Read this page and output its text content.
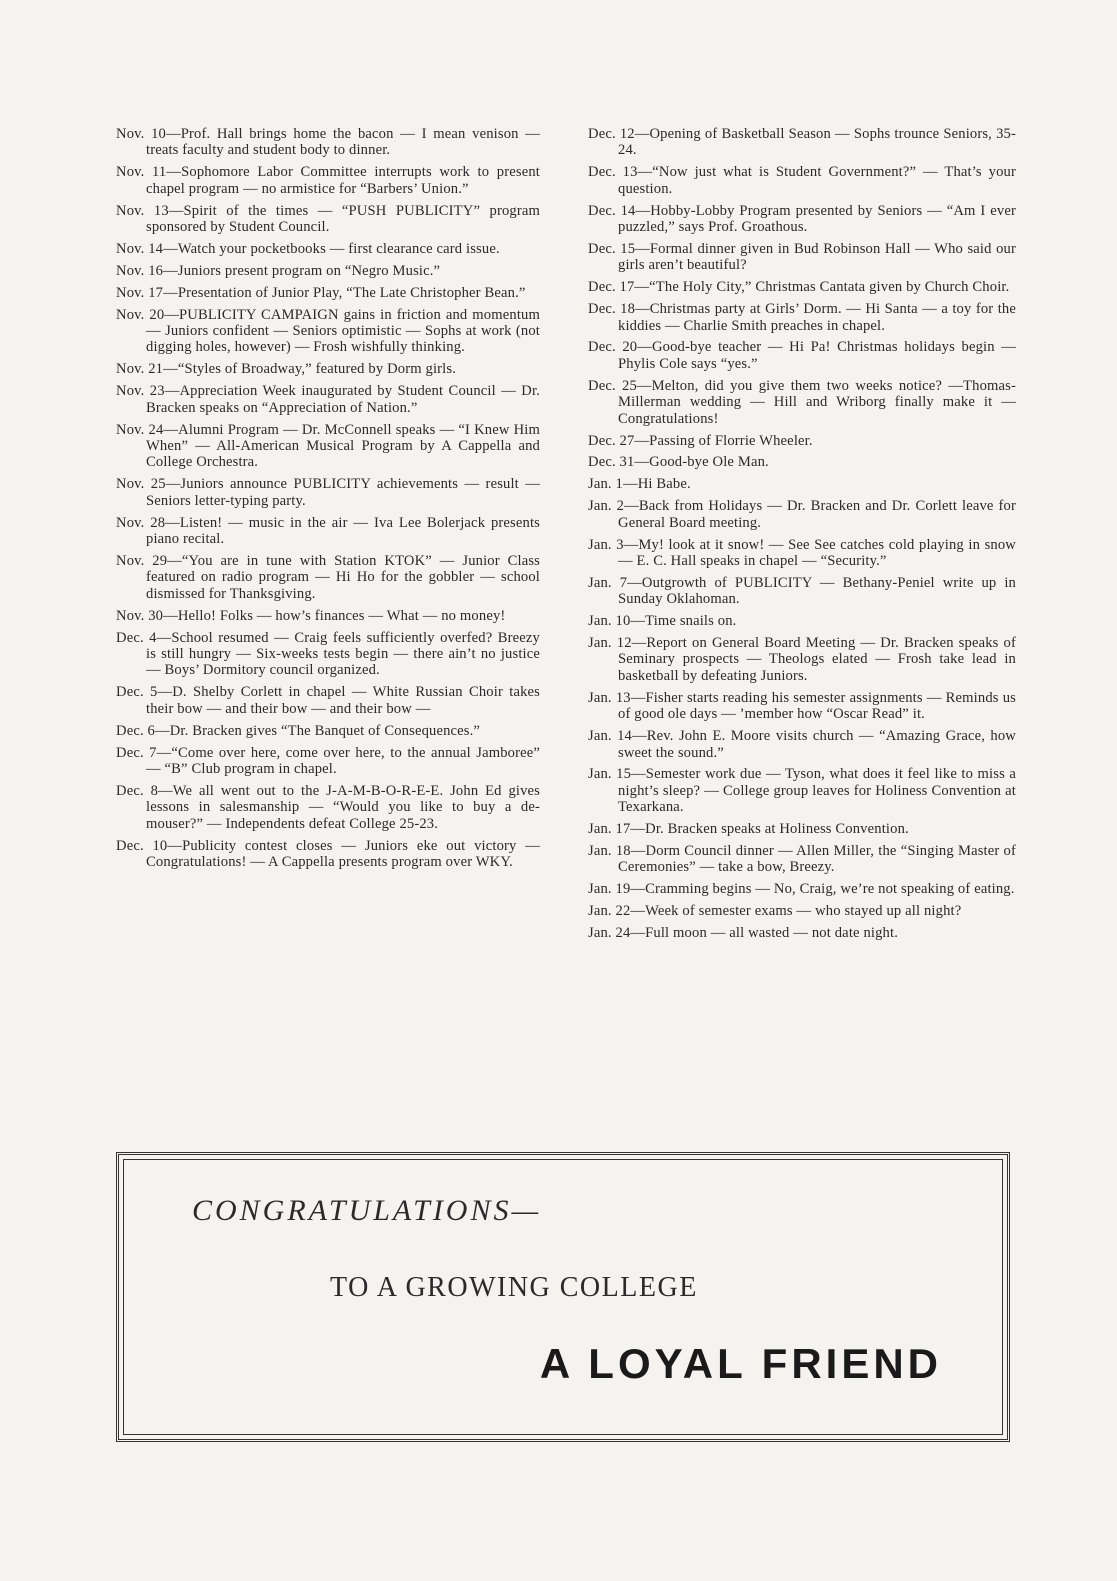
Nov. 10—Prof. Hall brings home the bacon — I mean venison — treats faculty and student body to dinner.

Nov. 11—Sophomore Labor Committee interrupts work to present chapel program — no armistice for “Barbers’ Union.”

Nov. 13—Spirit of the times — “PUSH PUBLICITY” program sponsored by Student Council.

Nov. 14—Watch your pocketbooks — first clearance card issue.

Nov. 16—Juniors present program on “Negro Music.”

Nov. 17—Presentation of Junior Play, “The Late Christopher Bean.”

Nov. 20—PUBLICITY CAMPAIGN gains in friction and momentum — Juniors confident — Seniors optimistic — Sophs at work (not digging holes, however) — Frosh wishfully thinking.

Nov. 21—“Styles of Broadway,” featured by Dorm girls.

Nov. 23—Appreciation Week inaugurated by Student Council — Dr. Bracken speaks on “Appreciation of Nation.”

Nov. 24—Alumni Program — Dr. McConnell speaks — “I Knew Him When” — All-American Musical Program by A Cappella and College Orchestra.

Nov. 25—Juniors announce PUBLICITY achievements — result — Seniors letter-typing party.

Nov. 28—Listen! — music in the air — Iva Lee Bolerjack presents piano recital.

Nov. 29—“You are in tune with Station KTOK” — Junior Class featured on radio program — Hi Ho for the gobbler — school dismissed for Thanksgiving.

Nov. 30—Hello! Folks — how’s finances — What — no money!

Dec. 4—School resumed — Craig feels sufficiently overfed? Breezy is still hungry — Six-weeks tests begin — there ain’t no justice — Boys’ Dormitory council organized.

Dec. 5—D. Shelby Corlett in chapel — White Russian Choir takes their bow — and their bow — and their bow —

Dec. 6—Dr. Bracken gives “The Banquet of Consequences.”

Dec. 7—“Come over here, come over here, to the annual Jamboree” — “B” Club program in chapel.

Dec. 8—We all went out to the J-A-M-B-O-R-E-E. John Ed gives lessons in salesmanship — “Would you like to buy a de-mouser?” — Independents defeat College 25-23.

Dec. 10—Publicity contest closes — Juniors eke out victory — Congratulations! — A Cappella presents program over WKY.

Dec. 12—Opening of Basketball Season — Sophs trounce Seniors, 35-24.

Dec. 13—“Now just what is Student Government?” — That’s your question.

Dec. 14—Hobby-Lobby Program presented by Seniors — “Am I ever puzzled,” says Prof. Groathous.

Dec. 15—Formal dinner given in Bud Robinson Hall — Who said our girls aren’t beautiful?

Dec. 17—“The Holy City,” Christmas Cantata given by Church Choir.

Dec. 18—Christmas party at Girls’ Dorm. — Hi Santa — a toy for the kiddies — Charlie Smith preaches in chapel.

Dec. 20—Good-bye teacher — Hi Pa! Christmas holidays begin — Phylis Cole says “yes.”

Dec. 25—Melton, did you give them two weeks notice? —Thomas-Millerman wedding — Hill and Wriborg finally make it — Congratulations!

Dec. 27—Passing of Florrie Wheeler.

Dec. 31—Good-bye Ole Man.

Jan. 1—Hi Babe.

Jan. 2—Back from Holidays — Dr. Bracken and Dr. Corlett leave for General Board meeting.

Jan. 3—My! look at it snow! — See See catches cold playing in snow — E. C. Hall speaks in chapel — “Security.”

Jan. 7—Outgrowth of PUBLICITY — Bethany-Peniel write up in Sunday Oklahoman.

Jan. 10—Time snails on.

Jan. 12—Report on General Board Meeting — Dr. Bracken speaks of Seminary prospects — Theologs elated — Frosh take lead in basketball by defeating Juniors.

Jan. 13—Fisher starts reading his semester assignments — Reminds us of good ole days — ’member how “Oscar Read” it.

Jan. 14—Rev. John E. Moore visits church — “Amazing Grace, how sweet the sound.”

Jan. 15—Semester work due — Tyson, what does it feel like to miss a night’s sleep? — College group leaves for Holiness Convention at Texarkana.

Jan. 17—Dr. Bracken speaks at Holiness Convention.

Jan. 18—Dorm Council dinner — Allen Miller, the “Singing Master of Ceremonies” — take a bow, Breezy.

Jan. 19—Cramming begins — No, Craig, we’re not speaking of eating.

Jan. 22—Week of semester exams — who stayed up all night?

Jan. 24—Full moon — all wasted — not date night.

CONGRATULATIONS—
TO A GROWING COLLEGE
A LOYAL FRIEND
